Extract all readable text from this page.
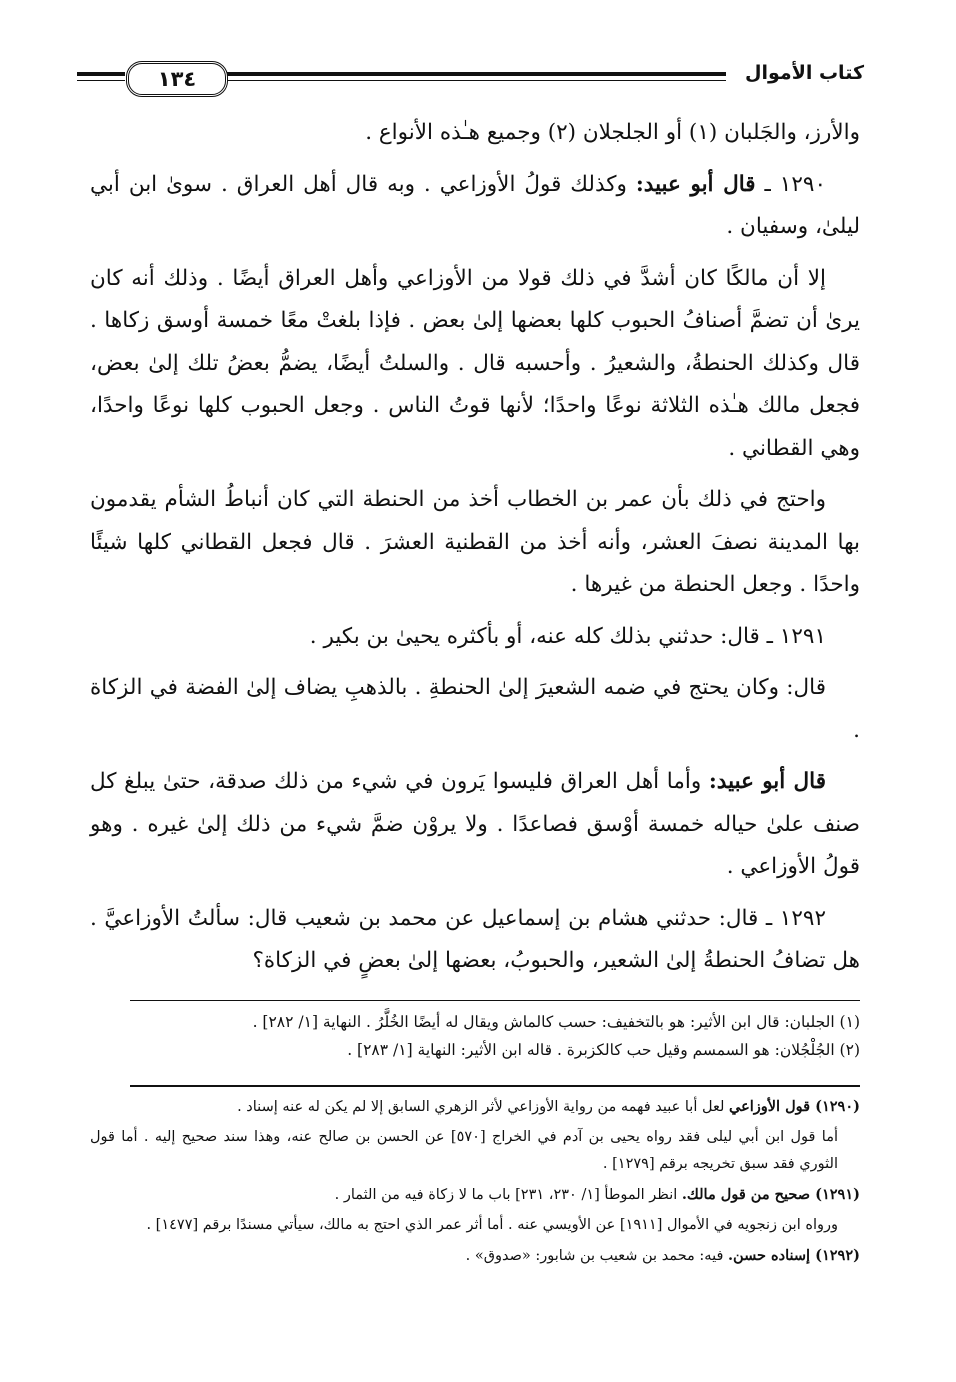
كتاب الأموال
١٣٤

والأرز، والجَلبان (١) أو الجلجلان (٢) وجميع هـٰذه الأنواع .

١٢٩٠ ـ قال أبو عبيد: وكذلك قولُ الأوزاعي . وبه قال أهل العراق . سوىٰ ابن أبي ليلىٰ، وسفيان .

إلا أن مالكًا كان أشدَّ في ذلك قولا من الأوزاعي وأهل العراق أيضًا . وذلك أنه كان يرىٰ أن تضمَّ أصنافُ الحبوب كلها بعضها إلىٰ بعض . فإذا بلغتْ معًا خمسة أوسق زكاها . قال وكذلك الحنطةُ، والشعيرُ . وأحسبه قال . والسلتُ أيضًا، يضمُّ بعضُ تلك إلىٰ بعض، فجعل مالك هـٰذه الثلاثة نوعًا واحدًا؛ لأنها قوتُ الناس . وجعل الحبوب كلها نوعًا واحدًا، وهي القطاني .

واحتج في ذلك بأن عمر بن الخطاب أخذ من الحنطة التي كان أنباطُ الشأم يقدمون بها المدينة نصفَ العشر، وأنه أخذ من القطنية العشرَ . قال فجعل القطاني كلها شيئًا واحدًا . وجعل الحنطة من غيرها .

١٢٩١ ـ قال: حدثني بذلك كله عنه، أو بأكثره يحيىٰ بن بكير .

قال: وكان يحتج في ضمه الشعيرَ إلىٰ الحنطةِ . بالذهبِ يضاف إلىٰ الفضة في الزكاة .

قال أبو عبيد: وأما أهل العراق فليسوا يَرون في شيء من ذلك صدقة، حتىٰ يبلغ كل صنف علىٰ حياله خمسة أوْسق فصاعدًا . ولا يروْن ضمَّ شيء من ذلك إلىٰ غيره . وهو قولُ الأوزاعي .

١٢٩٢ ـ قال: حدثني هشام بن إسماعيل عن محمد بن شعيب قال: سألتُ الأوزاعيَّ . هل تضافُ الحنطةُ إلىٰ الشعير، والحبوبُ، بعضها إلىٰ بعضٍ في الزكاة؟

(١) الجلبان: قال ابن الأثير: هو بالتخفيف: حسب كالماش ويقال له أيضًا الخُلَّرُ . النهاية [١/ ٢٨٢] .

(٢) الجُلْجُلان: هو السمسم وقيل حب كالكزبرة . قاله ابن الأثير: النهاية [١/ ٢٨٣] .

(١٢٩٠) قول الأوزاعي لعل أبا عبيد فهمه من رواية الأوزاعي لأثر الزهري السابق إلا لم يكن له عنه إسناد .

أما قول ابن أبي ليلى فقد رواه يحيى بن آدم في الخراج [٥٧٠] عن الحسن بن صالح عنه، وهذا سند صحيح إليه . أما قول الثوري فقد سبق تخريجه برقم [١٢٧٩] .

(١٢٩١) صحيح من قول مالك. انظر الموطأ [١/ ٢٣٠، ٢٣١] باب ما لا زكاة فيه من الثمار .

ورواه ابن زنجويه في الأموال [١٩١١] عن الأويسي عنه . أما أثر عمر الذي احتج به مالك، سيأتي مسندًا برقم [١٤٧٧] .

(١٢٩٢) إسناده حسن. فيه: محمد بن شعيب بن شابور: «صدوق» .
